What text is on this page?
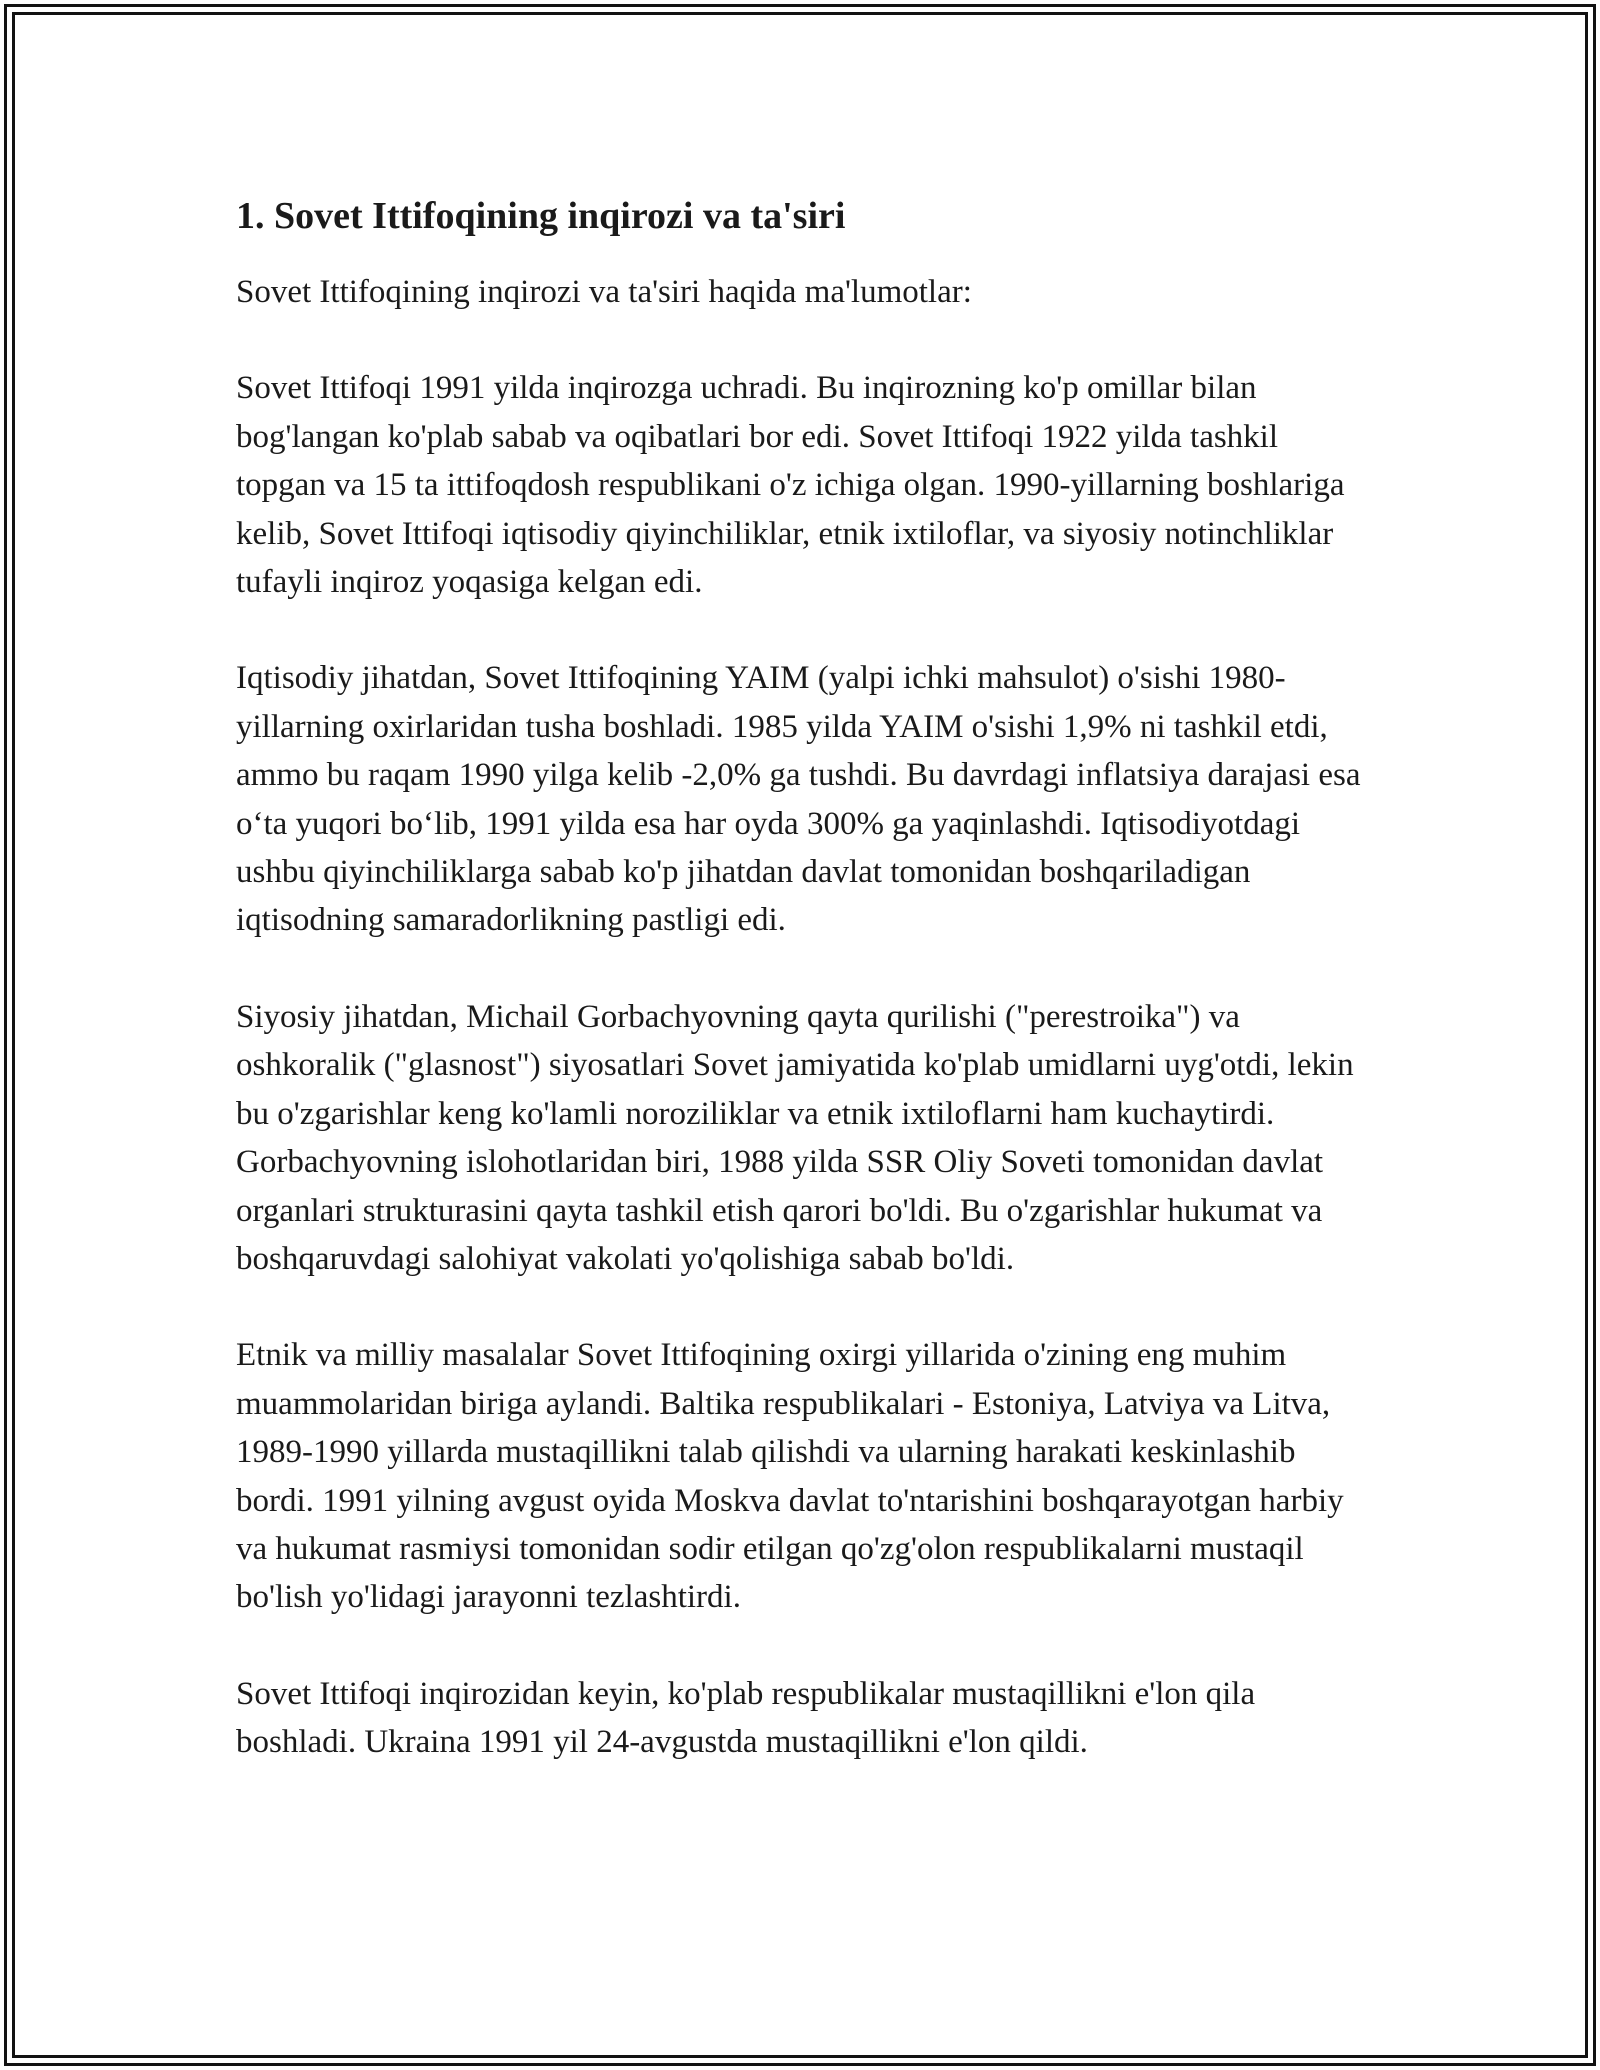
1. Sovet Ittifoqining inqirozi va ta'siri

Sovet Ittifoqining inqirozi va ta'siri haqida ma'lumotlar:

Sovet Ittifoqi 1991 yilda inqirozga uchradi. Bu inqirozning ko'p omillar bilan bog'langan ko'plab sabab va oqibatlari bor edi. Sovet Ittifoqi 1922 yilda tashkil topgan va 15 ta ittifoqdosh respublikani o'z ichiga olgan. 1990-yillarning boshlariga kelib, Sovet Ittifoqi iqtisodiy qiyinchiliklar, etnik ixtiloflar, va siyosiy notinchliklar tufayli inqiroz yoqasiga kelgan edi.

Iqtisodiy jihatdan, Sovet Ittifoqining YAIM (yalpi ichki mahsulot) o'sishi 1980-yillarning oxirlaridan tusha boshladi. 1985 yilda YAIM o'sishi 1,9% ni tashkil etdi, ammo bu raqam 1990 yilga kelib -2,0% ga tushdi. Bu davrdagi inflatsiya darajasi esa o‘ta yuqori bo‘lib, 1991 yilda esa har oyda 300% ga yaqinlashdi. Iqtisodiyotdagi ushbu qiyinchiliklarga sabab ko'p jihatdan davlat tomonidan boshqariladigan iqtisodning samaradorlikning pastligi edi.

Siyosiy jihatdan, Michail Gorbachyovning qayta qurilishi ("perestroika") va oshkoralik ("glasnost") siyosatlari Sovet jamiyatida ko'plab umidlarni uyg'otdi, lekin bu o'zgarishlar keng ko'lamli noroziliklar va etnik ixtiloflarni ham kuchaytirdi. Gorbachyovning islohotlaridan biri, 1988 yilda SSR Oliy Soveti tomonidan davlat organlari strukturasini qayta tashkil etish qarori bo'ldi. Bu o'zgarishlar hukumat va boshqaruvdagi salohiyat vakolati yo'qolishiga sabab bo'ldi.

Etnik va milliy masalalar Sovet Ittifoqining oxirgi yillarida o'zining eng muhim muammolaridan biriga aylandi. Baltika respublikalari - Estoniya, Latviya va Litva, 1989-1990 yillarda mustaqillikni talab qilishdi va ularning harakati keskinlashib bordi. 1991 yilning avgust oyida Moskva davlat to'ntarishini boshqarayotgan harbiy va hukumat rasmiysi tomonidan sodir etilgan qo'zg'olon respublikalarni mustaqil bo'lish yo'lidagi jarayonni tezlashtirdi.

Sovet Ittifoqi inqirozidan keyin, ko'plab respublikalar mustaqillikni e'lon qila boshladi. Ukraina 1991 yil 24-avgustda mustaqillikni e'lon qildi.
